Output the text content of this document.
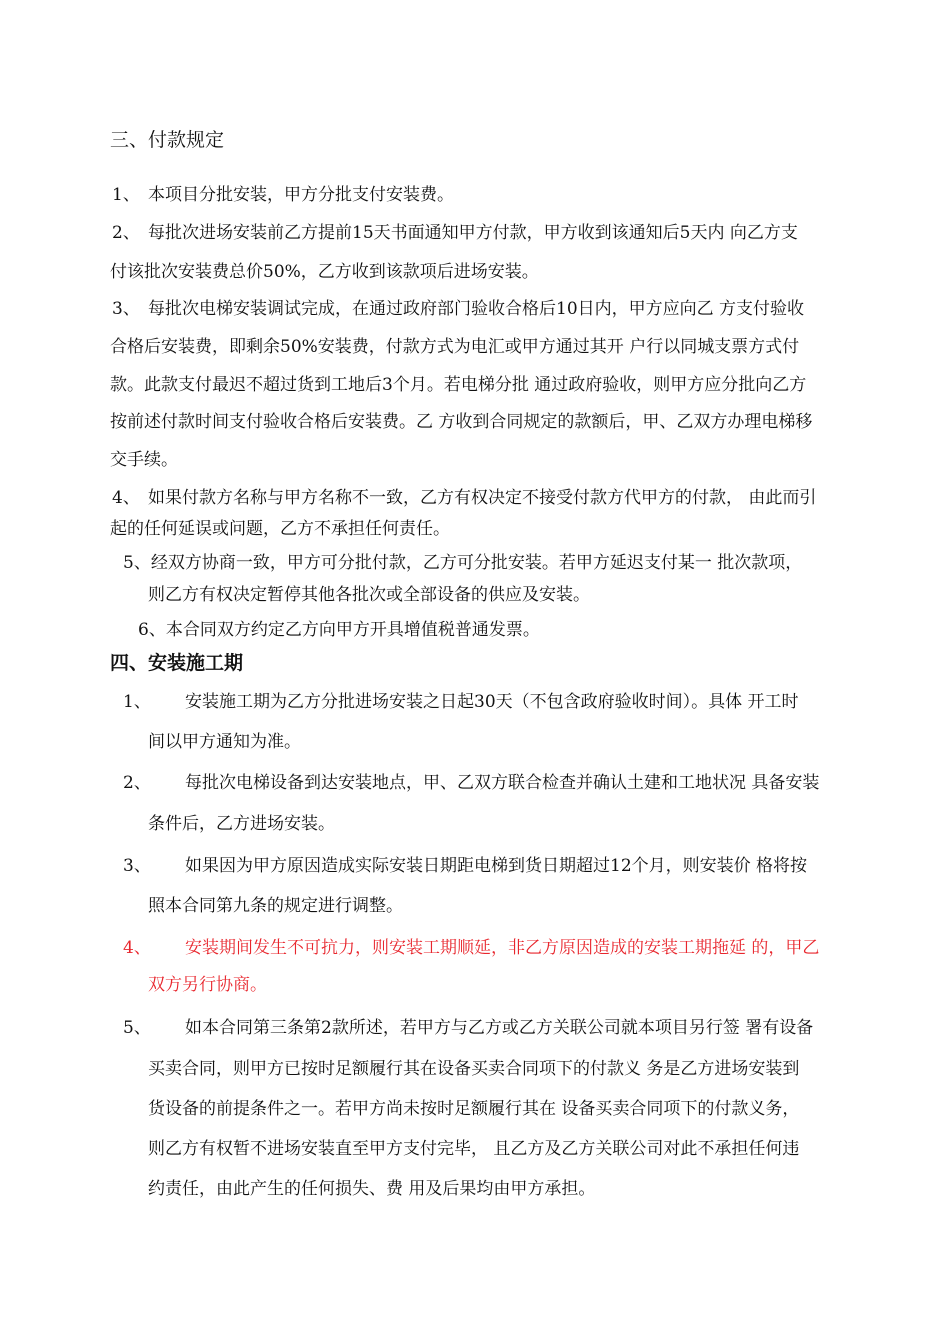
三、付款规定
1、 本项目分批安装，甲方分批支付安装费。
2、 每批次进场安装前乙方提前15天书面通知甲方付款，甲方收到该通知后5天内 向乙方支
付该批次安装费总价50%，乙方收到该款项后进场安装。
3、 每批次电梯安装调试完成，在通过政府部门验收合格后10日内，甲方应向乙 方支付验收
合格后安装费，即剩余50%安装费，付款方式为电汇或甲方通过其开 户行以同城支票方式付
款。此款支付最迟不超过货到工地后3个月。若电梯分批 通过政府验收，则甲方应分批向乙方
按前述付款时间支付验收合格后安装费。乙 方收到合同规定的款额后，甲、乙双方办理电梯移
交手续。
4、 如果付款方名称与甲方名称不一致，乙方有权决定不接受付款方代甲方的付款， 由此而引
起的任何延误或问题，乙方不承担任何责任。
5、经双方协商一致，甲方可分批付款，乙方可分批安装。若甲方延迟支付某一 批次款项，
则乙方有权决定暂停其他各批次或全部设备的供应及安装。
6、本合同双方约定乙方向甲方开具增值税普通发票。
四、安装施工期
1、 安装施工期为乙方分批进场安装之日起30天（不包含政府验收时间）。具体 开工时
间以甲方通知为准。
2、 每批次电梯设备到达安装地点，甲、乙双方联合检查并确认土建和工地状况 具备安装
条件后，乙方进场安装。
3、 如果因为甲方原因造成实际安装日期距电梯到货日期超过12个月，则安装价 格将按
照本合同第九条的规定进行调整。
4、 安装期间发生不可抗力，则安装工期顺延，非乙方原因造成的安装工期拖延 的，甲乙
双方另行协商。
5、 如本合同第三条第2款所述，若甲方与乙方或乙方关联公司就本项目另行签 署有设备
买卖合同，则甲方已按时足额履行其在设备买卖合同项下的付款义 务是乙方进场安装到
货设备的前提条件之一。若甲方尚未按时足额履行其在 设备买卖合同项下的付款义务，
则乙方有权暂不进场安装直至甲方支付完毕， 且乙方及乙方关联公司对此不承担任何违
约责任，由此产生的任何损失、费 用及后果均由甲方承担。
